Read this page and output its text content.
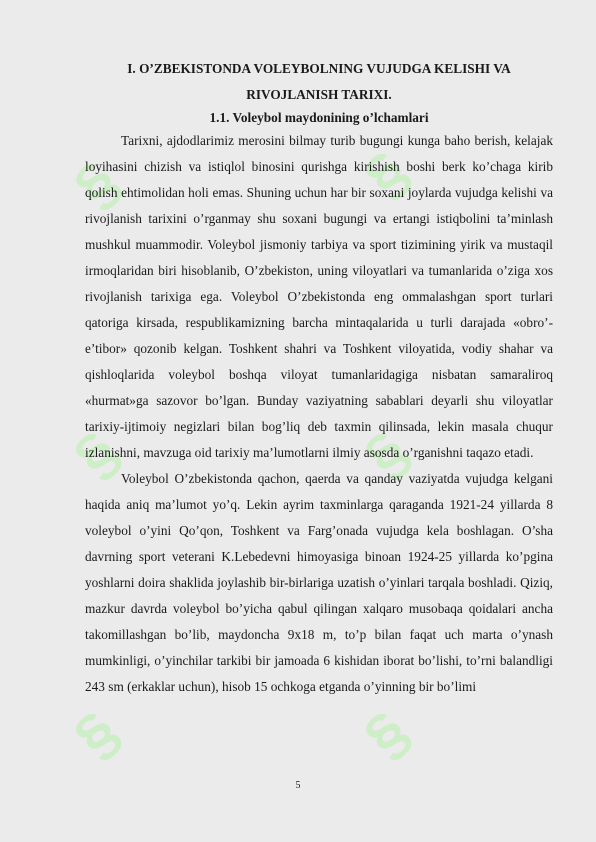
§	§
§	§
§	§

I. O’ZBEKISTONDA VOLEYBOLNING VUJUDGA KELISHI VA RIVOJLANISH TARIXI.

1.1. Voleybol maydonining o’lchamlari

Tarixni, ajdodlarimiz merosini bilmay turib bugungi kunga baho berish, kelajak loyihasini chizish va istiqlol binosini qurishga kirishish boshi berk ko’chaga kirib qolish ehtimolidan holi emas. Shuning uchun har bir soxani joylarda vujudga kelishi va rivojlanish tarixini o’rganmay shu soxani bugungi va ertangi istiqbolini ta’minlash mushkul muammodir. Voleybol jismoniy tarbiya va sport tizimining yirik va mustaqil irmoqlaridan biri hisoblanib, O’zbekiston, uning viloyatlari va tumanlarida o’ziga xos rivojlanish tarixiga ega. Voleybol O’zbekistonda eng ommalashgan sport turlari qatoriga kirsada, respublikamizning barcha mintaqalarida u turli darajada «obro’-e’tibor» qozonib kelgan. Toshkent shahri va Toshkent viloyatida, vodiy shahar va qishloqlarida voleybol boshqa viloyat tumanlaridagiga nisbatan samaraliroq «hurmat»ga sazovor bo’lgan. Bunday vaziyatning sabablari deyarli shu viloyatlar tarixiy-ijtimoiy negizlari bilan bog’liq deb taxmin qilinsada, lekin masala chuqur izlanishni, mavzuga oid tarixiy ma’lumotlarni ilmiy asosda o’rganishni taqazo etadi.

Voleybol O’zbekistonda qachon, qaerda va qanday vaziyatda vujudga kelgani haqida aniq ma’lumot yo’q. Lekin ayrim taxminlarga qaraganda 1921-24 yillarda 8 voleybol o’yini Qo’qon, Toshkent va Farg’onada vujudga kela boshlagan. O’sha davrning sport veterani K.Lebedevni himoyasiga binoan 1924-25 yillarda ko’pgina yoshlarni doira shaklida joylashib bir-birlariga uzatish o’yinlari tarqala boshladi. Qiziq, mazkur davrda voleybol bo’yicha qabul qilingan xalqaro musobaqa qoidalari ancha takomillashgan bo’lib, maydoncha 9x18 m, to’p bilan faqat uch marta o’ynash mumkinligi, o’yinchilar tarkibi bir jamoada 6 kishidan iborat bo’lishi, to’rni balandligi 243 sm (erkaklar uchun), hisob 15 ochkoga etganda o’yinning bir bo’limi

5
